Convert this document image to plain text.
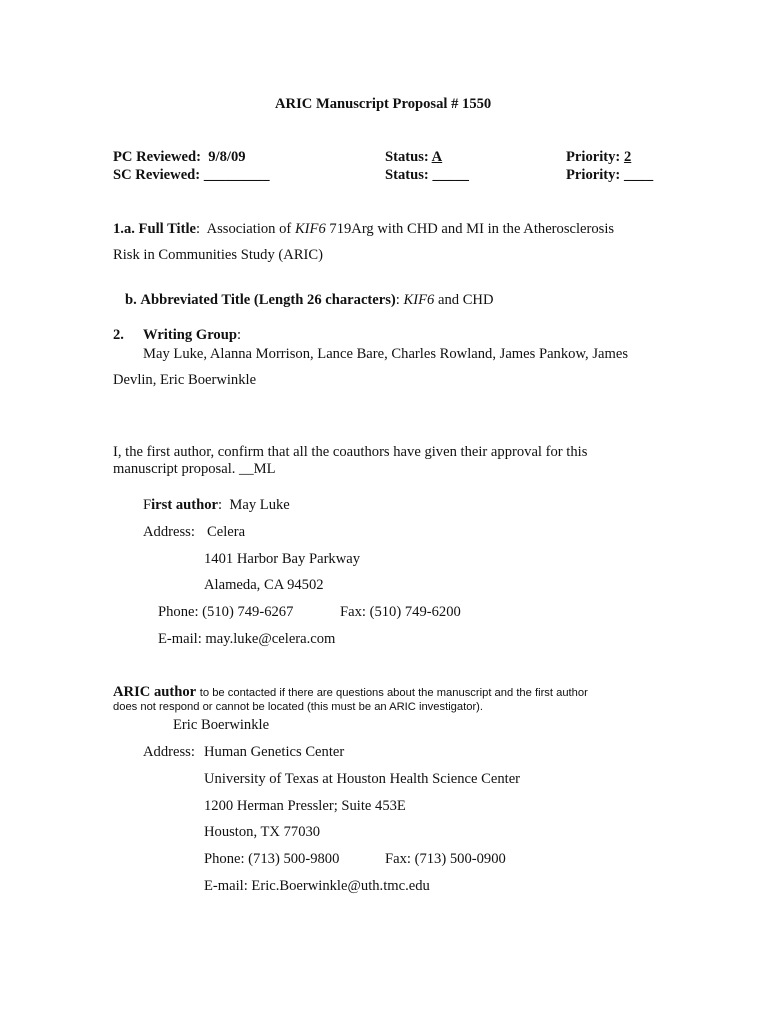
ARIC Manuscript Proposal # 1550
PC Reviewed: 9/8/09
SC Reviewed: _________
Status: A
Status: _____
Priority: 2
Priority: ____
1.a. Full Title: Association of KIF6 719Arg with CHD and MI in the Atherosclerosis
Risk in Communities Study (ARIC)
b. Abbreviated Title (Length 26 characters): KIF6 and CHD
2. Writing Group:
May Luke, Alanna Morrison, Lance Bare, Charles Rowland, James Pankow, James
Devlin, Eric Boerwinkle
I, the first author, confirm that all the coauthors have given their approval for this
manuscript proposal. __ML
First author: May Luke
Address: Celera
1401 Harbor Bay Parkway
Alameda, CA 94502
Phone: (510) 749-6267	Fax: (510) 749-6200
E-mail: may.luke@celera.com
ARIC author to be contacted if there are questions about the manuscript and the first author
does not respond or cannot be located (this must be an ARIC investigator).
Eric Boerwinkle
Address: Human Genetics Center
University of Texas at Houston Health Science Center
1200 Herman Pressler; Suite 453E
Houston, TX 77030
Phone: (713) 500-9800	Fax: (713) 500-0900
E-mail: Eric.Boerwinkle@uth.tmc.edu
